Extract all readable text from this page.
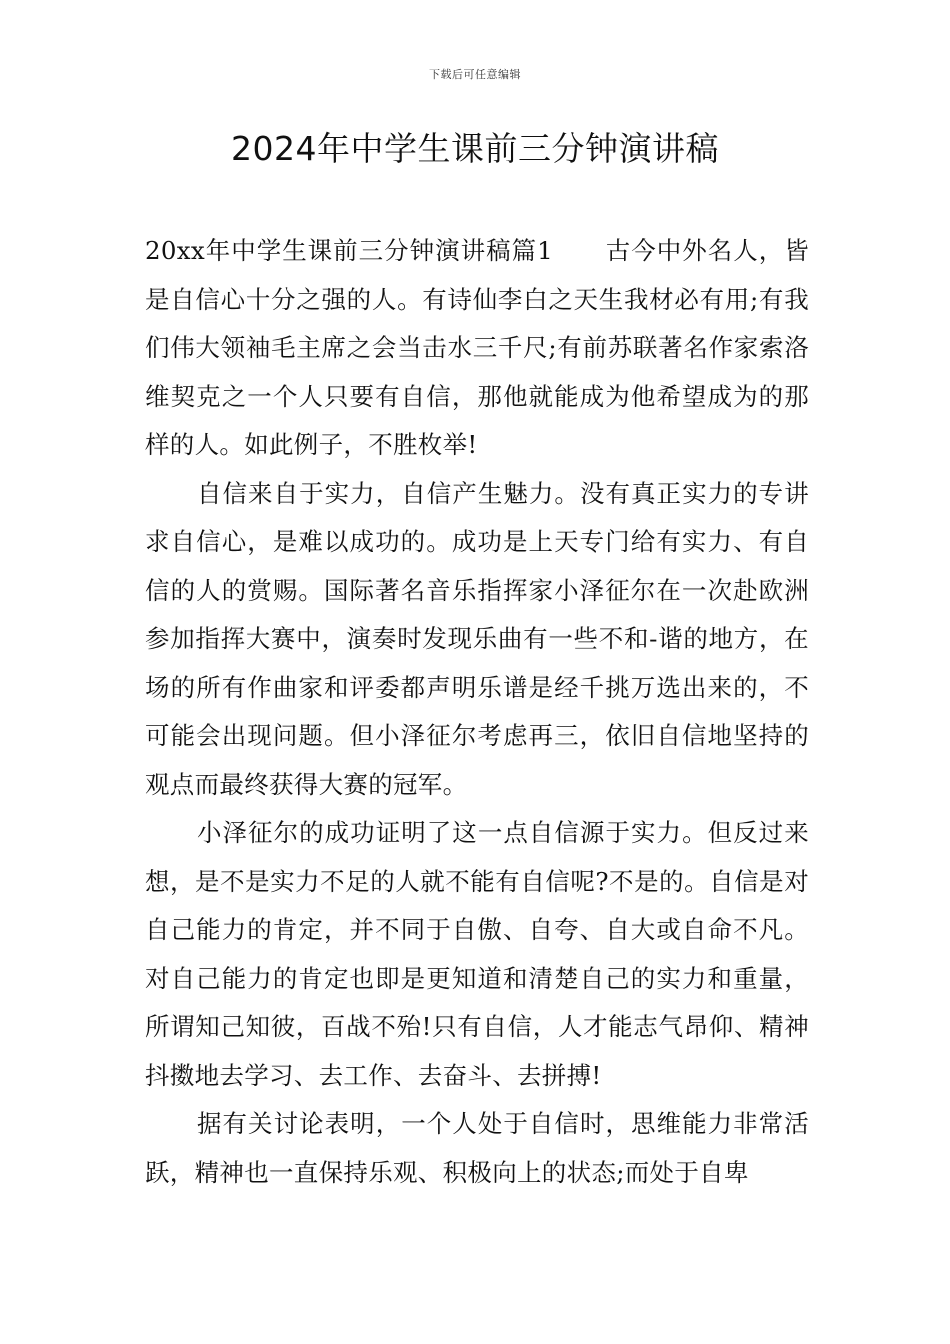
下载后可任意编辑
2024年中学生课前三分钟演讲稿

20xx年中学生课前三分钟演讲稿篇1 古今中外名人，皆是自信心十分之强的人。有诗仙李白之天生我材必有用;有我们伟大领袖毛主席之会当击水三千尺;有前苏联著名作家索洛维契克之一个人只要有自信，那他就能成为他希望成为的那样的人。如此例子，不胜枚举!

自信来自于实力，自信产生魅力。没有真正实力的专讲求自信心，是难以成功的。成功是上天专门给有实力、有自信的人的赏赐。国际著名音乐指挥家小泽征尔在一次赴欧洲参加指挥大赛中，演奏时发现乐曲有一些不和-谐的地方，在场的所有作曲家和评委都声明乐谱是经千挑万选出来的，不可能会出现问题。但小泽征尔考虑再三，依旧自信地坚持的观点而最终获得大赛的冠军。

小泽征尔的成功证明了这一点自信源于实力。但反过来想，是不是实力不足的人就不能有自信呢?不是的。自信是对自己能力的肯定，并不同于自傲、自夸、自大或自命不凡。对自己能力的肯定也即是更知道和清楚自己的实力和重量，所谓知己知彼，百战不殆!只有自信，人才能志气昂仰、精神抖擞地去学习、去工作、去奋斗、去拼搏!

据有关讨论表明，一个人处于自信时，思维能力非常活跃，精神也一直保持乐观、积极向上的状态;而处于自卑
